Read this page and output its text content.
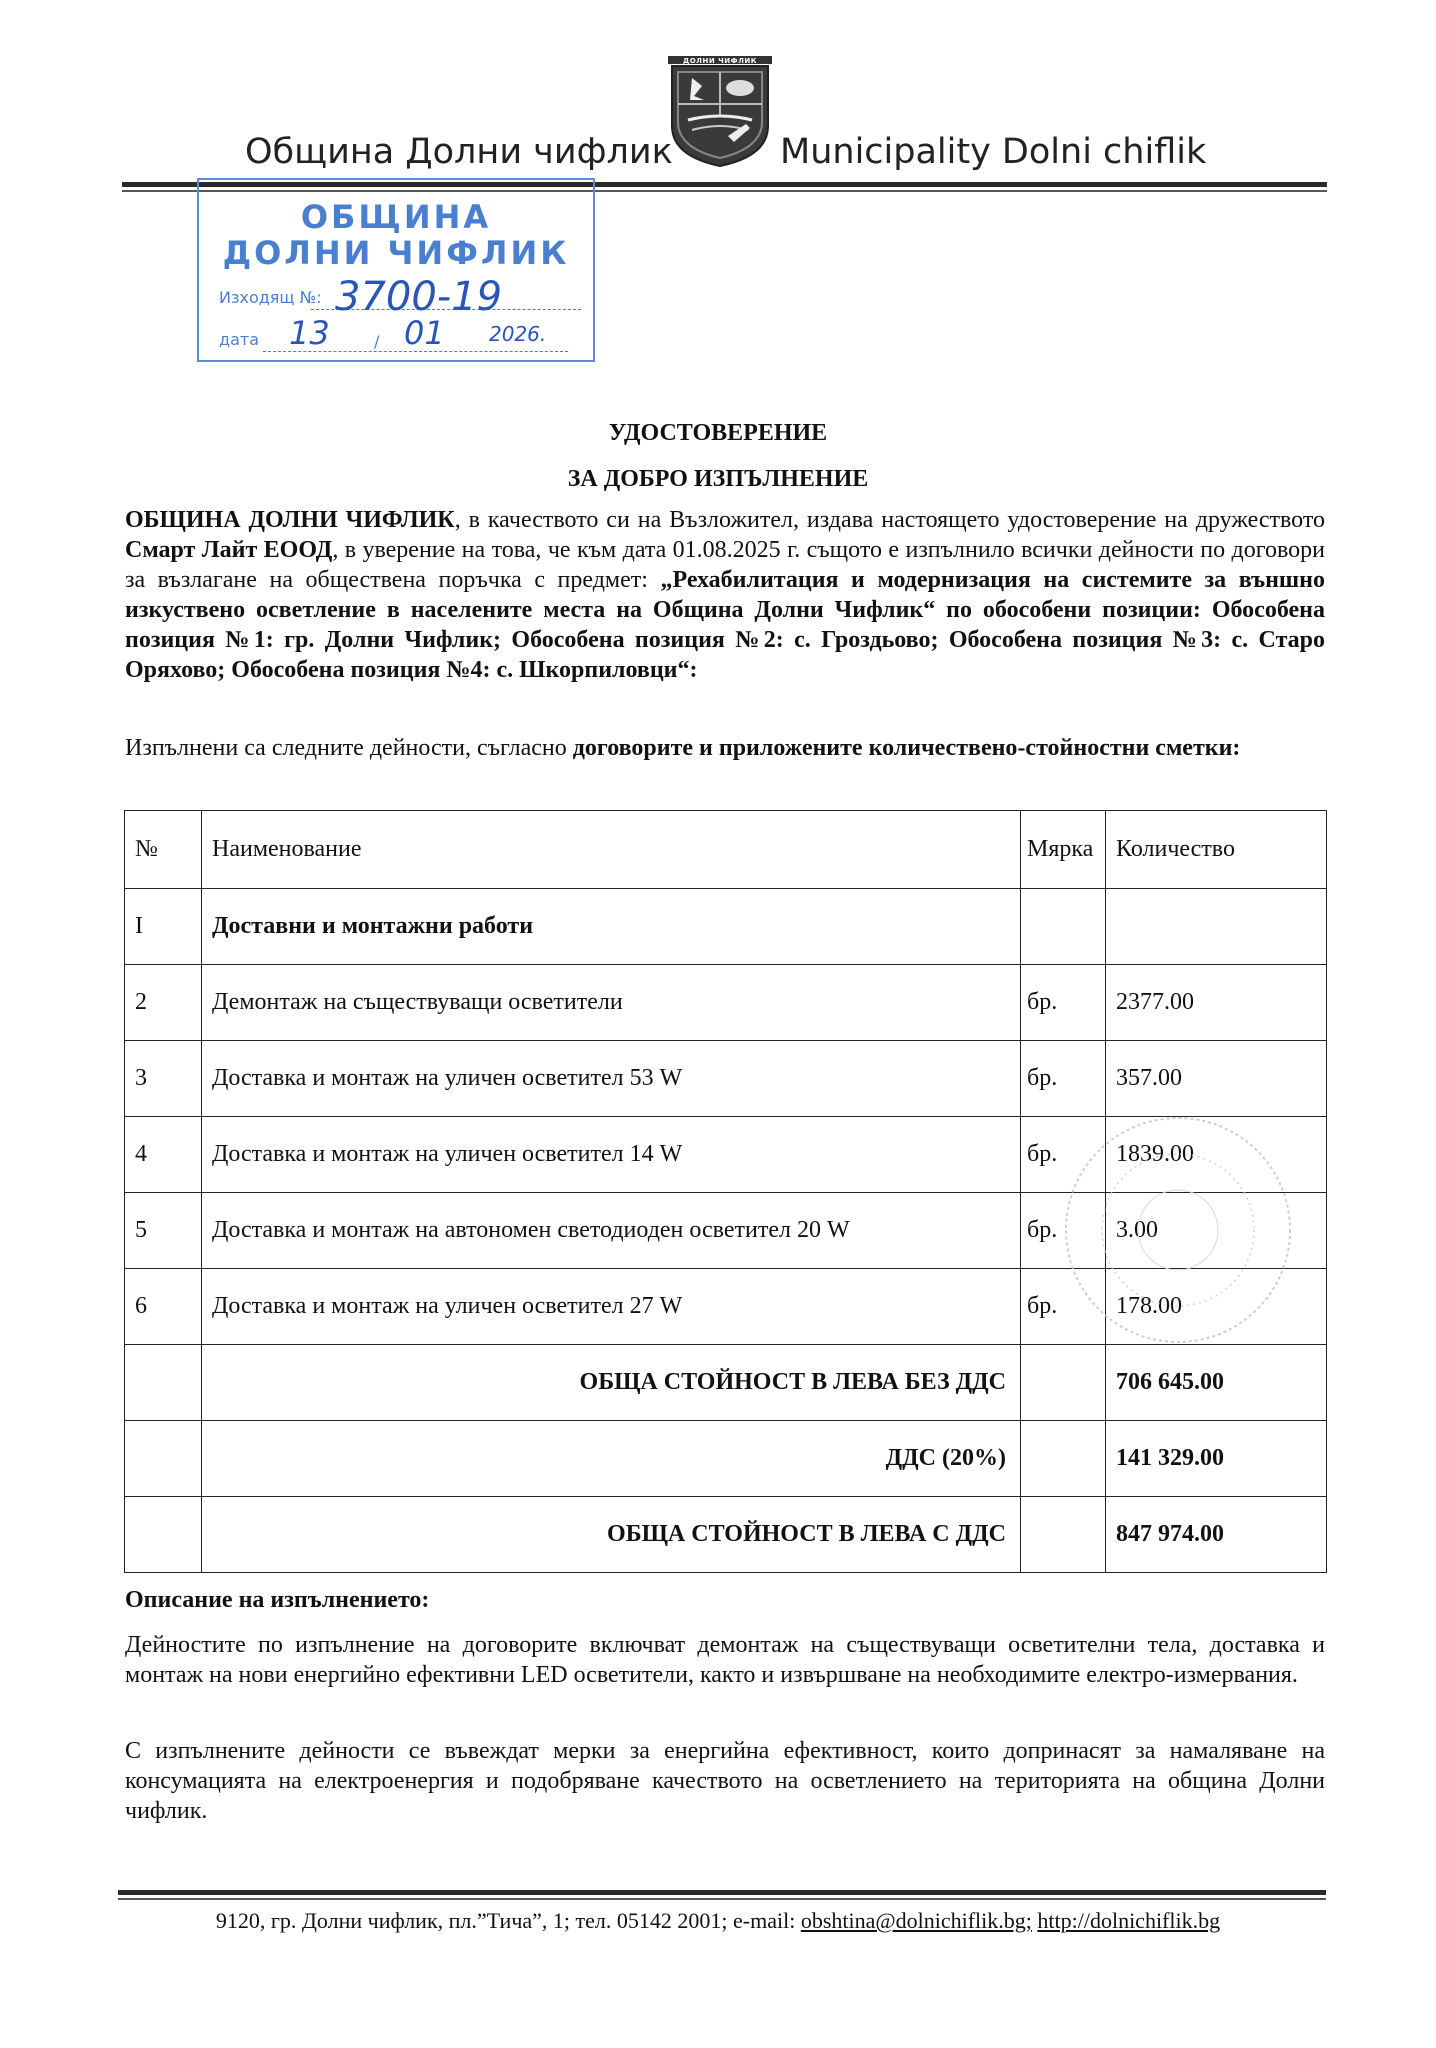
ДОЛНИ ЧИФЛИК
Община Долни чифлик	Municipality Dolni chiflik
ОБЩИНА
ДОЛНИ ЧИФЛИК
Изходящ №: 3700-19
дата 13	/ 01 2026.
УДОСТОВЕРЕНИЕ
ЗА ДОБРО ИЗПЪЛНЕНИЕ
ОБЩИНА ДОЛНИ ЧИФЛИК, в качеството си на Възложител, издава настоящето удостоверение на дружеството Смарт Лайт ЕООД, в уверение на това, че към дата 01.08.2025 г. същото е изпълнило всички дейности по договори за възлагане на обществена поръчка с предмет: „Рехабилитация и модернизация на системите за външно изкуствено осветление в населените места на Община Долни Чифлик“ по обособени позиции: Обособена позиция №1: гр. Долни Чифлик; Обособена позиция №2: с. Гроздьово; Обособена позиция №3: с. Старо Оряхово; Обособена позиция №4: с. Шкорпиловци“:
Изпълнени са следните дейности, съгласно договорите и приложените количествено-стойностни сметки:
№	Наименование	Мярка	Количество
I	Доставни и монтажни работи		
2	Демонтаж на съществуващи осветители	бр.	2377.00
3	Доставка и монтаж на уличен осветител 53 W	бр.	357.00
4	Доставка и монтаж на уличен осветител 14 W	бр.	1839.00
5	Доставка и монтаж на автономен светодиоден осветител 20 W	бр.	3.00
6	Доставка и монтаж на уличен осветител 27 W	бр.	178.00
	ОБЩА СТОЙНОСТ В ЛЕВА БЕЗ ДДС		706 645.00
	ДДС (20%)		141 329.00
	ОБЩА СТОЙНОСТ В ЛЕВА С ДДС		847 974.00
Описание на изпълнението:
Дейностите по изпълнение на договорите включват демонтаж на съществуващи осветителни тела, доставка и монтаж на нови енергийно ефективни LED осветители, както и извършване на необходимите електро-измервания.
С изпълнените дейности се въвеждат мерки за енергийна ефективност, които допринасят за намаляване на консумацията на електроенергия и подобряване качеството на осветлението на територията на община Долни чифлик.
9120, гр. Долни чифлик, пл.”Тича”, 1; тел. 05142 2001; e-mail: obshtina@dolnichiflik.bg; http://dolnichiflik.bg
